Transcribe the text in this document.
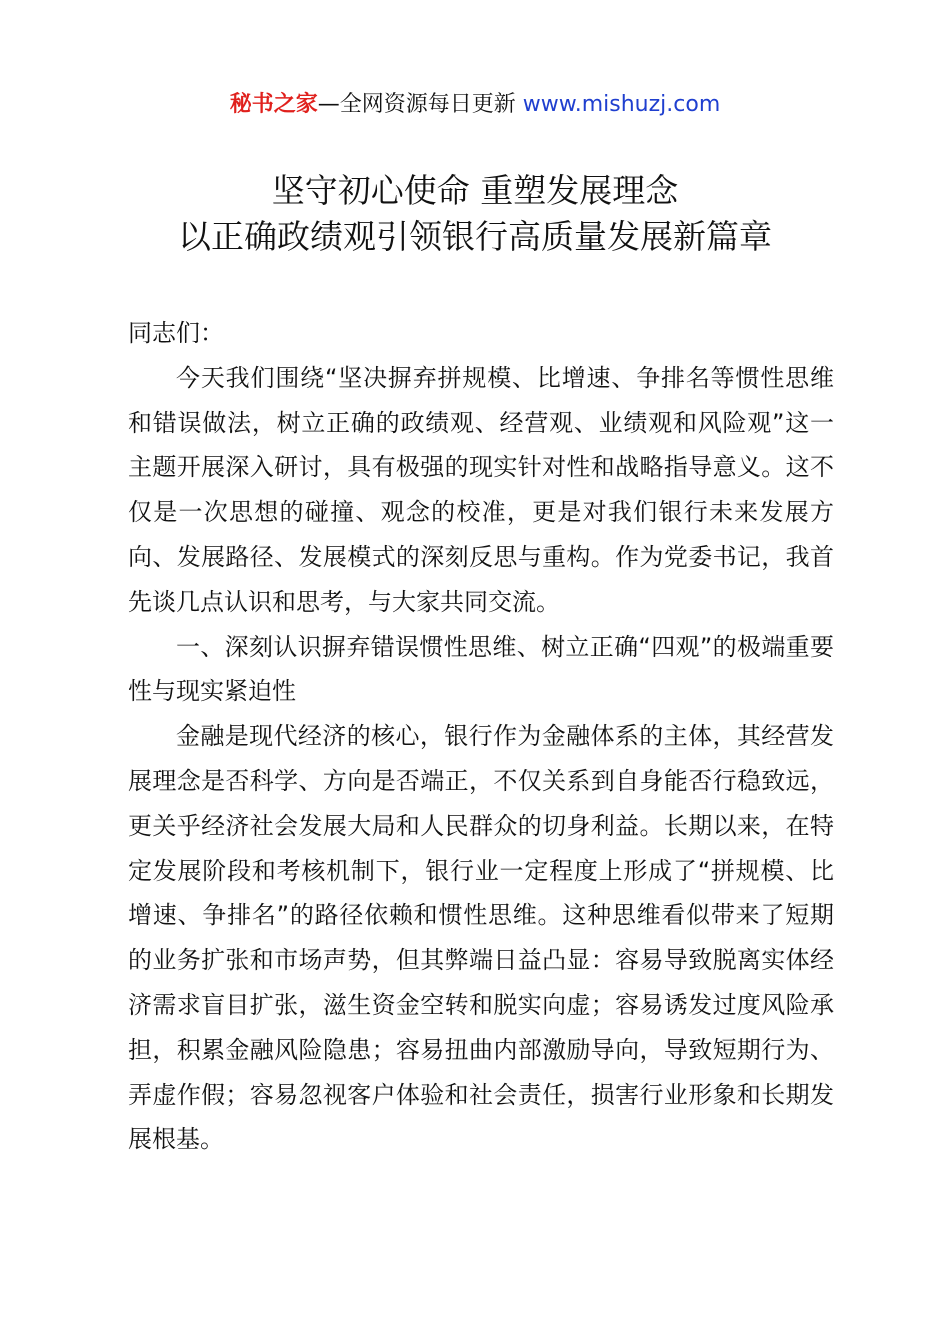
秘书之家—全网资源每日更新 www.mishuzj.com
坚守初心使命 重塑发展理念
以正确政绩观引领银行高质量发展新篇章

同志们：

今天我们围绕“坚决摒弃拼规模、比增速、争排名等惯性思维和错误做法，树立正确的政绩观、经营观、业绩观和风险观”这一主题开展深入研讨，具有极强的现实针对性和战略指导意义。这不仅是一次思想的碰撞、观念的校准，更是对我们银行未来发展方向、发展路径、发展模式的深刻反思与重构。作为党委书记，我首先谈几点认识和思考，与大家共同交流。

一、深刻认识摒弃错误惯性思维、树立正确“四观”的极端重要性与现实紧迫性

金融是现代经济的核心，银行作为金融体系的主体，其经营发展理念是否科学、方向是否端正，不仅关系到自身能否行稳致远，更关乎经济社会发展大局和人民群众的切身利益。长期以来，在特定发展阶段和考核机制下，银行业一定程度上形成了“拼规模、比增速、争排名”的路径依赖和惯性思维。这种思维看似带来了短期的业务扩张和市场声势，但其弊端日益凸显：容易导致脱离实体经济需求盲目扩张，滋生资金空转和脱实向虚；容易诱发过度风险承担，积累金融风险隐患；容易扭曲内部激励导向，导致短期行为、弄虚作假；容易忽视客户体验和社会责任，损害行业形象和长期发展根基。
